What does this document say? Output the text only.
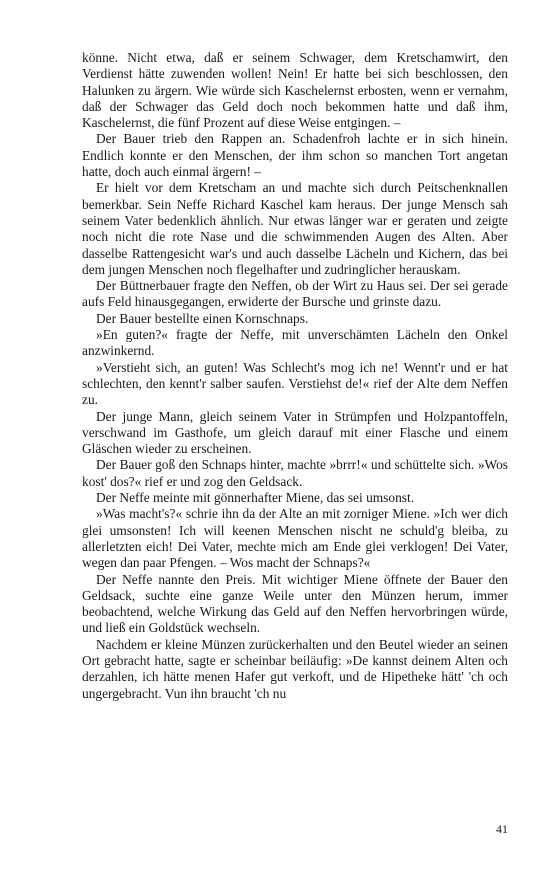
könne. Nicht etwa, daß er seinem Schwager, dem Kretschamwirt, den Verdienst hätte zuwenden wollen! Nein! Er hatte bei sich beschlossen, den Halunken zu ärgern. Wie würde sich Kaschelernst erbosten, wenn er vernahm, daß der Schwager das Geld doch noch bekommen hatte und daß ihm, Kaschelernst, die fünf Prozent auf diese Weise entgingen. –

Der Bauer trieb den Rappen an. Schadenfroh lachte er in sich hinein. Endlich konnte er den Menschen, der ihm schon so manchen Tort angetan hatte, doch auch einmal ärgern! –

Er hielt vor dem Kretscham an und machte sich durch Peitschenknallen bemerkbar. Sein Neffe Richard Kaschel kam heraus. Der junge Mensch sah seinem Vater bedenklich ähnlich. Nur etwas länger war er geraten und zeigte noch nicht die rote Nase und die schwimmenden Augen des Alten. Aber dasselbe Rattengesicht war's und auch dasselbe Lächeln und Kichern, das bei dem jungen Menschen noch flegelhafter und zudringlicher herauskam.

Der Büttnerbauer fragte den Neffen, ob der Wirt zu Haus sei. Der sei gerade aufs Feld hinausgegangen, erwiderte der Bursche und grinste dazu.

Der Bauer bestellte einen Kornschnaps.

»En guten?« fragte der Neffe, mit unverschämten Lächeln den Onkel anzwinkernd.

»Verstieht sich, an guten! Was Schlecht's mog ich ne! Wennt'r und er hat schlechten, den kennt'r salber saufen. Verstiehst de!« rief der Alte dem Neffen zu.

Der junge Mann, gleich seinem Vater in Strümpfen und Holzpantoffeln, verschwand im Gasthofe, um gleich darauf mit einer Flasche und einem Gläschen wieder zu erscheinen.

Der Bauer goß den Schnaps hinter, machte »brrr!« und schüttelte sich. »Wos kost' dos?« rief er und zog den Geldsack.

Der Neffe meinte mit gönnerhafter Miene, das sei umsonst.

»Was macht's?« schrie ihn da der Alte an mit zorniger Miene. »Ich wer dich glei umsonsten! Ich will keenen Menschen nischt ne schuld'g bleiba, zu allerletzten eich! Dei Vater, mechte mich am Ende glei verklogen! Dei Vater, wegen dan paar Pfengen. – Wos macht der Schnaps?«

Der Neffe nannte den Preis. Mit wichtiger Miene öffnete der Bauer den Geldsack, suchte eine ganze Weile unter den Münzen herum, immer beobachtend, welche Wirkung das Geld auf den Neffen hervorbringen würde, und ließ ein Goldstück wechseln.

Nachdem er kleine Münzen zurückerhalten und den Beutel wieder an seinen Ort gebracht hatte, sagte er scheinbar beiläufig: »De kannst deinem Alten och derzahlen, ich hätte menen Hafer gut verkoft, und de Hipetheke hätt' 'ch och ungergebracht. Vun ihn braucht 'ch nu

41
